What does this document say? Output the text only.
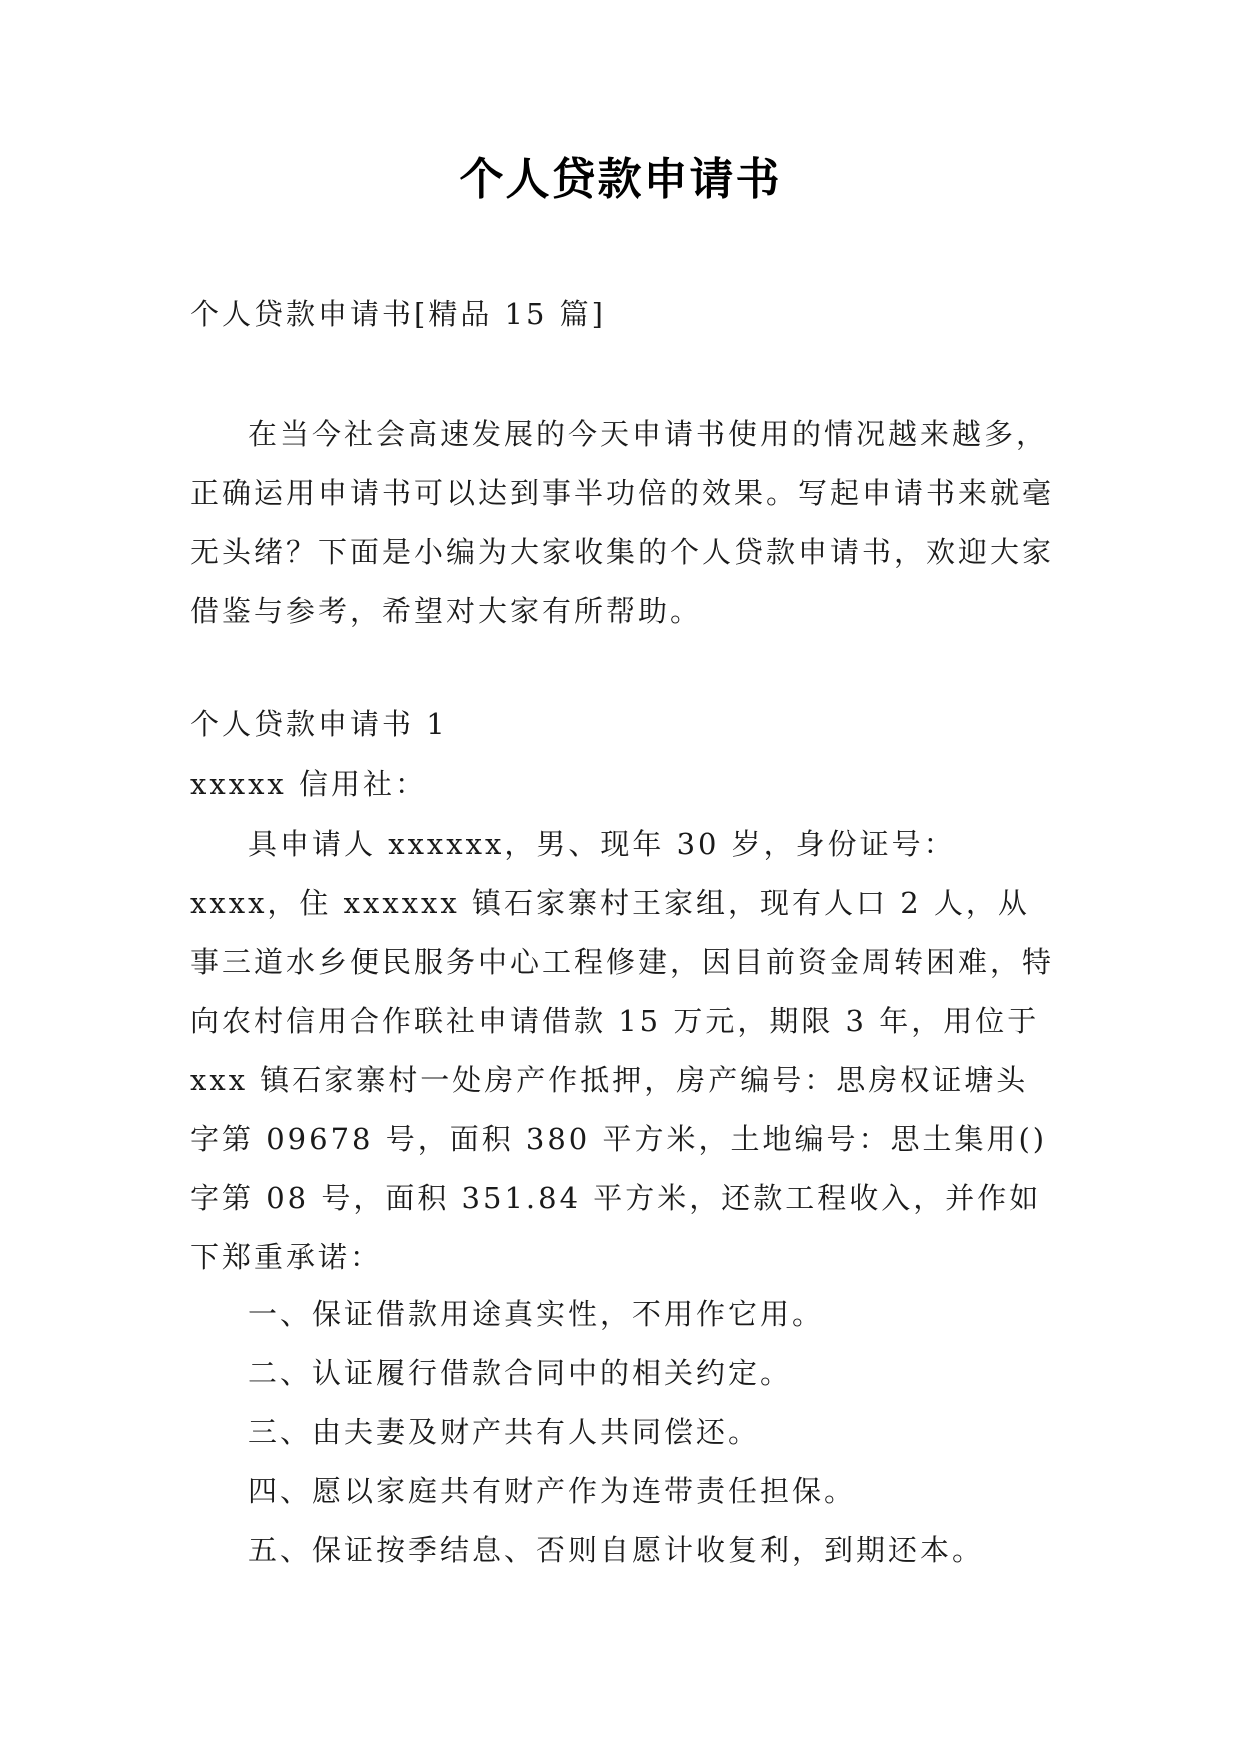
个人贷款申请书
个人贷款申请书[精品 15 篇]
在当今社会高速发展的今天申请书使用的情况越来越多，正确运用申请书可以达到事半功倍的效果。写起申请书来就毫无头绪？下面是小编为大家收集的个人贷款申请书，欢迎大家借鉴与参考，希望对大家有所帮助。
个人贷款申请书 1
xxxxx 信用社：
具申请人 xxxxxx，男、现年 30 岁，身份证号：xxxx，住 xxxxxx 镇石家寨村王家组，现有人口 2 人，从事三道水乡便民服务中心工程修建，因目前资金周转困难，特向农村信用合作联社申请借款 15 万元，期限 3 年，用位于 xxx 镇石家寨村一处房产作抵押，房产编号：思房权证塘头字第 09678 号，面积 380 平方米，土地编号：思土集用()字第 08 号，面积 351.84 平方米，还款工程收入，并作如下郑重承诺：
一、保证借款用途真实性，不用作它用。
二、认证履行借款合同中的相关约定。
三、由夫妻及财产共有人共同偿还。
四、愿以家庭共有财产作为连带责任担保。
五、保证按季结息、否则自愿计收复利，到期还本。
